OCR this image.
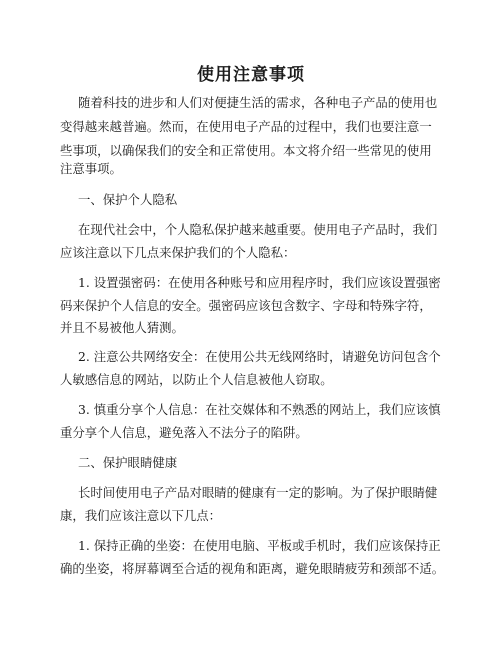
使用注意事项
随着科技的进步和人们对便捷生活的需求，各种电子产品的使用也
变得越来越普遍。然而，在使用电子产品的过程中，我们也要注意一
些事项，以确保我们的安全和正常使用。本文将介绍一些常见的使用
注意事项。
一、保护个人隐私
在现代社会中，个人隐私保护越来越重要。使用电子产品时，我们
应该注意以下几点来保护我们的个人隐私：
1. 设置强密码：在使用各种账号和应用程序时，我们应该设置强密
码来保护个人信息的安全。强密码应该包含数字、字母和特殊字符，
并且不易被他人猜测。
2. 注意公共网络安全：在使用公共无线网络时，请避免访问包含个
人敏感信息的网站，以防止个人信息被他人窃取。
3. 慎重分享个人信息：在社交媒体和不熟悉的网站上，我们应该慎
重分享个人信息，避免落入不法分子的陷阱。
二、保护眼睛健康
长时间使用电子产品对眼睛的健康有一定的影响。为了保护眼睛健
康，我们应该注意以下几点：
1. 保持正确的坐姿：在使用电脑、平板或手机时，我们应该保持正
确的坐姿，将屏幕调至合适的视角和距离，避免眼睛疲劳和颈部不适。
